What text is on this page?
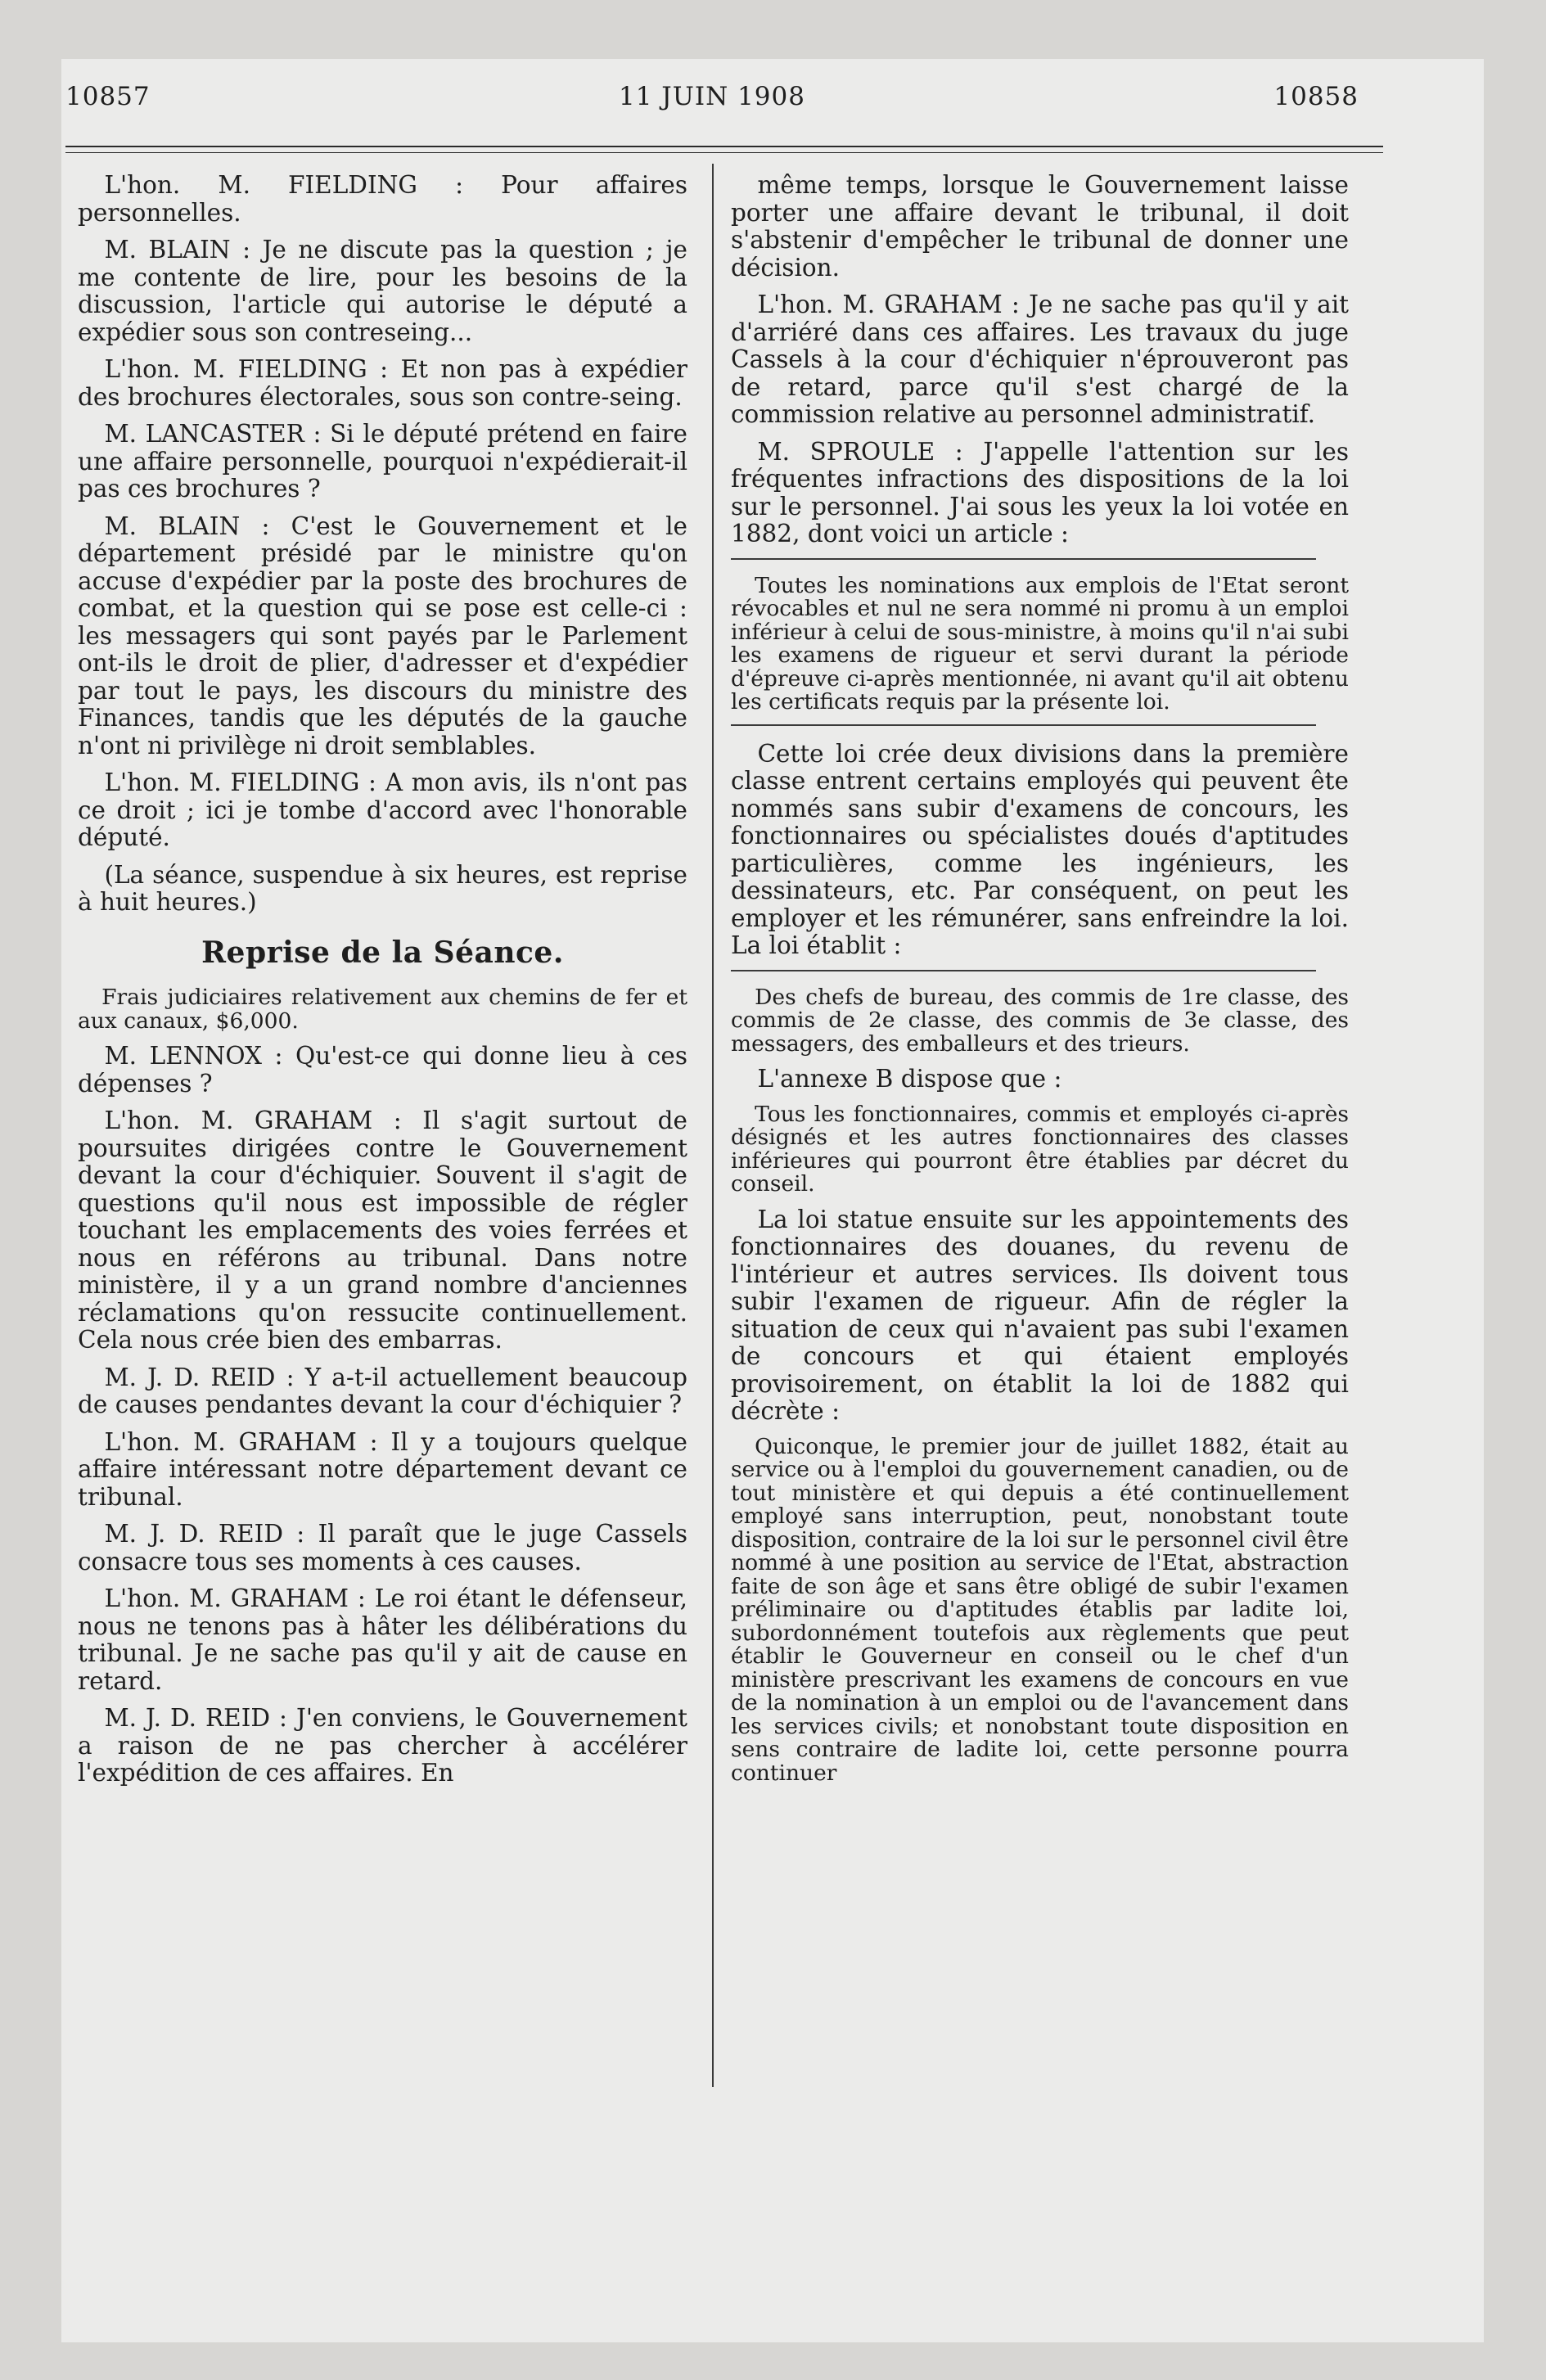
10857	11 JUIN 1908	10858

L'hon. M. FIELDING : Pour affaires personnelles.

M. BLAIN : Je ne discute pas la question ; je me contente de lire, pour les besoins de la discussion, l'article qui autorise le député a expédier sous son contreseing...

L'hon. M. FIELDING : Et non pas à expédier des brochures électorales, sous son contre-seing.

M. LANCASTER : Si le député prétend en faire une affaire personnelle, pourquoi n'expédierait-il pas ces brochures ?

M. BLAIN : C'est le Gouvernement et le département présidé par le ministre qu'on accuse d'expédier par la poste des brochures de combat, et la question qui se pose est celle-ci : les messagers qui sont payés par le Parlement ont-ils le droit de plier, d'adresser et d'expédier par tout le pays, les discours du ministre des Finances, tandis que les députés de la gauche n'ont ni privilège ni droit semblables.

L'hon. M. FIELDING : A mon avis, ils n'ont pas ce droit ; ici je tombe d'accord avec l'honorable député.

(La séance, suspendue à six heures, est reprise à huit heures.)

Reprise de la Séance.

Frais judiciaires relativement aux chemins de fer et aux canaux, $6,000.

M. LENNOX : Qu'est-ce qui donne lieu à ces dépenses ?

L'hon. M. GRAHAM : Il s'agit surtout de poursuites dirigées contre le Gouvernement devant la cour d'échiquier. Souvent il s'agit de questions qu'il nous est impossible de régler touchant les emplacements des voies ferrées et nous en référons au tribunal. Dans notre ministère, il y a un grand nombre d'anciennes réclamations qu'on ressucite continuellement. Cela nous crée bien des embarras.

M. J. D. REID : Y a-t-il actuellement beaucoup de causes pendantes devant la cour d'échiquier ?

L'hon. M. GRAHAM : Il y a toujours quelque affaire intéressant notre département devant ce tribunal.

M. J. D. REID : Il paraît que le juge Cassels consacre tous ses moments à ces causes.

L'hon. M. GRAHAM : Le roi étant le défenseur, nous ne tenons pas à hâter les délibérations du tribunal. Je ne sache pas qu'il y ait de cause en retard.

M. J. D. REID : J'en conviens, le Gouvernement a raison de ne pas chercher à accélérer l'expédition de ces affaires. En

même temps, lorsque le Gouvernement laisse porter une affaire devant le tribunal, il doit s'abstenir d'empêcher le tribunal de donner une décision.

L'hon. M. GRAHAM : Je ne sache pas qu'il y ait d'arriéré dans ces affaires. Les travaux du juge Cassels à la cour d'échiquier n'éprouveront pas de retard, parce qu'il s'est chargé de la commission relative au personnel administratif.

M. SPROULE : J'appelle l'attention sur les fréquentes infractions des dispositions de la loi sur le personnel. J'ai sous les yeux la loi votée en 1882, dont voici un article :

Toutes les nominations aux emplois de l'Etat seront révocables et nul ne sera nommé ni promu à un emploi inférieur à celui de sous-ministre, à moins qu'il n'ai subi les examens de rigueur et servi durant la période d'épreuve ci-après mentionnée, ni avant qu'il ait obtenu les certificats requis par la présente loi.

Cette loi crée deux divisions dans la première classe entrent certains employés qui peuvent ête nommés sans subir d'examens de concours, les fonctionnaires ou spécialistes doués d'aptitudes particulières, comme les ingénieurs, les dessinateurs, etc. Par conséquent, on peut les employer et les rémunérer, sans enfreindre la loi. La loi établit :

Des chefs de bureau, des commis de 1re classe, des commis de 2e classe, des commis de 3e classe, des messagers, des emballeurs et des trieurs.

L'annexe B dispose que :

Tous les fonctionnaires, commis et employés ci-après désignés et les autres fonctionnaires des classes inférieures qui pourront être établies par décret du conseil.

La loi statue ensuite sur les appointements des fonctionnaires des douanes, du revenu de l'intérieur et autres services. Ils doivent tous subir l'examen de rigueur. Afin de régler la situation de ceux qui n'avaient pas subi l'examen de concours et qui étaient employés provisoirement, on établit la loi de 1882 qui décrète :

Quiconque, le premier jour de juillet 1882, était au service ou à l'emploi du gouvernement canadien, ou de tout ministère et qui depuis a été continuellement employé sans interruption, peut, nonobstant toute disposition, contraire de la loi sur le personnel civil être nommé à une position au service de l'Etat, abstraction faite de son âge et sans être obligé de subir l'examen préliminaire ou d'aptitudes établis par ladite loi, subordonnément toutefois aux règlements que peut établir le Gouverneur en conseil ou le chef d'un ministère prescrivant les examens de concours en vue de la nomination à un emploi ou de l'avancement dans les services civils; et nonobstant toute disposition en sens contraire de ladite loi, cette personne pourra continuer
